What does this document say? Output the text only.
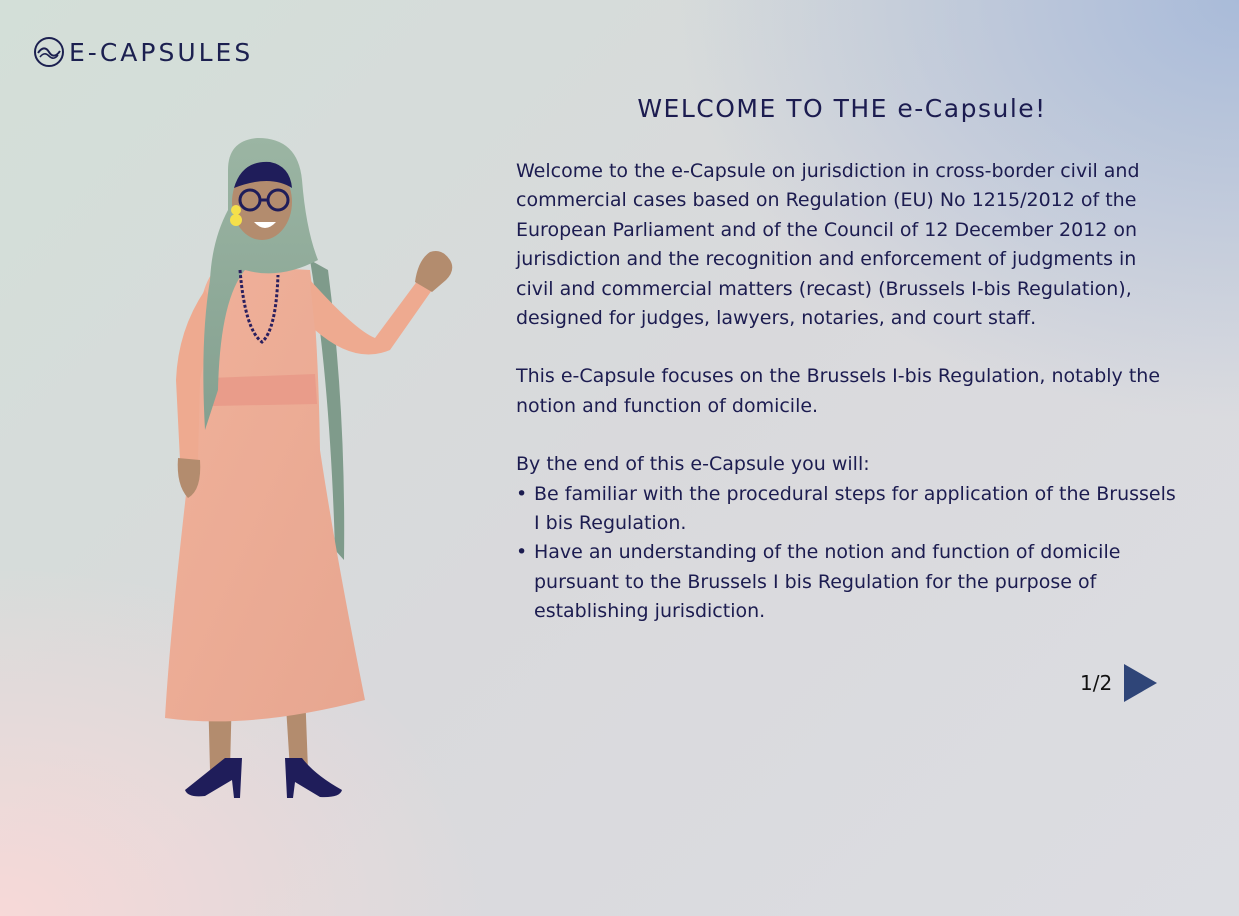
E-CAPSULES
WELCOME TO THE e-Capsule!

Welcome to the e-Capsule on jurisdiction in cross-border civil and commercial cases based on Regulation (EU) No 1215/2012 of the European Parliament and of the Council of 12 December 2012 on jurisdiction and the recognition and enforcement of judgments in civil and commercial matters (recast) (Brussels I-bis Regulation), designed for judges, lawyers, notaries, and court staff.

This e-Capsule focuses on the Brussels I-bis Regulation, notably the notion and function of domicile.

By the end of this e-Capsule you will:

• Be familiar with the procedural steps for application of the Brussels I bis Regulation.
• Have an understanding of the notion and function of domicile pursuant to the Brussels I bis Regulation for the purpose of establishing jurisdiction.
1/2
